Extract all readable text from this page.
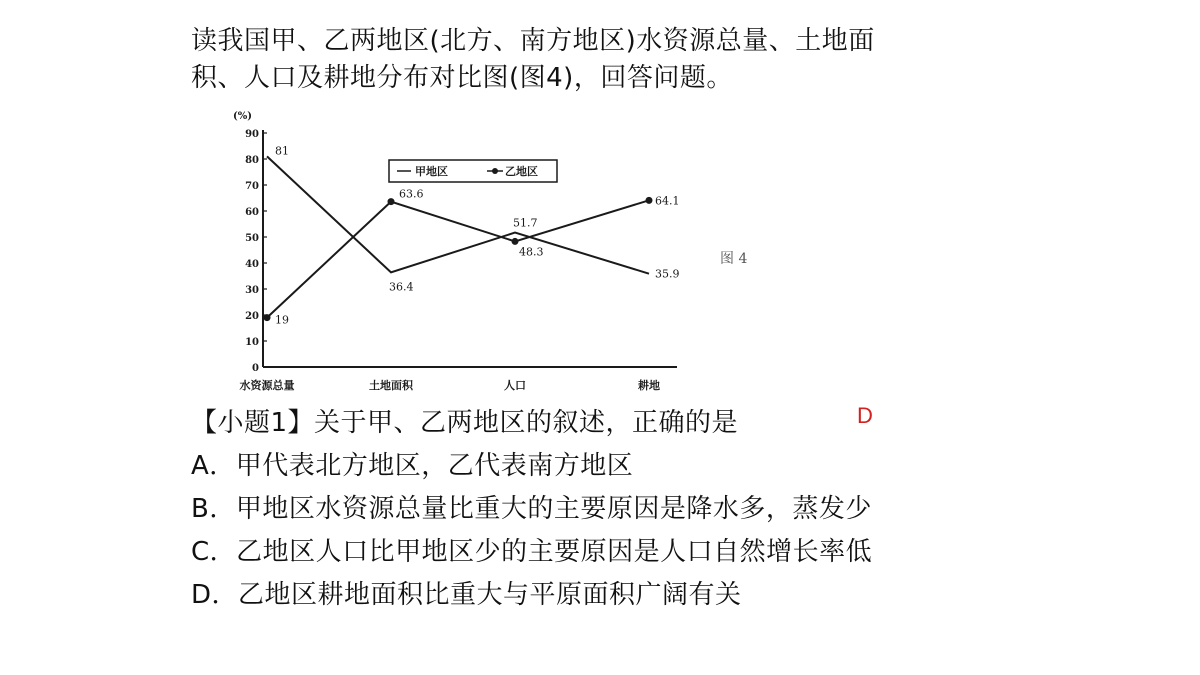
读我国甲、乙两地区(北方、南方地区)水资源总量、土地面
积、人口及耕地分布对比图(图4)，回答问题。
0
10
20
30
40
50
60
70
80
90
水资源总量	土地面积	人口	耕地
81
36.4
51.7
35.9
19
63.6
48.3
64.1
甲地区	乙地区
(%)
图 4
【小题1】关于甲、乙两地区的叙述，正确的是	D
A．甲代表北方地区，乙代表南方地区
B．甲地区水资源总量比重大的主要原因是降水多，蒸发少
C．乙地区人口比甲地区少的主要原因是人口自然增长率低
D．乙地区耕地面积比重大与平原面积广阔有关
